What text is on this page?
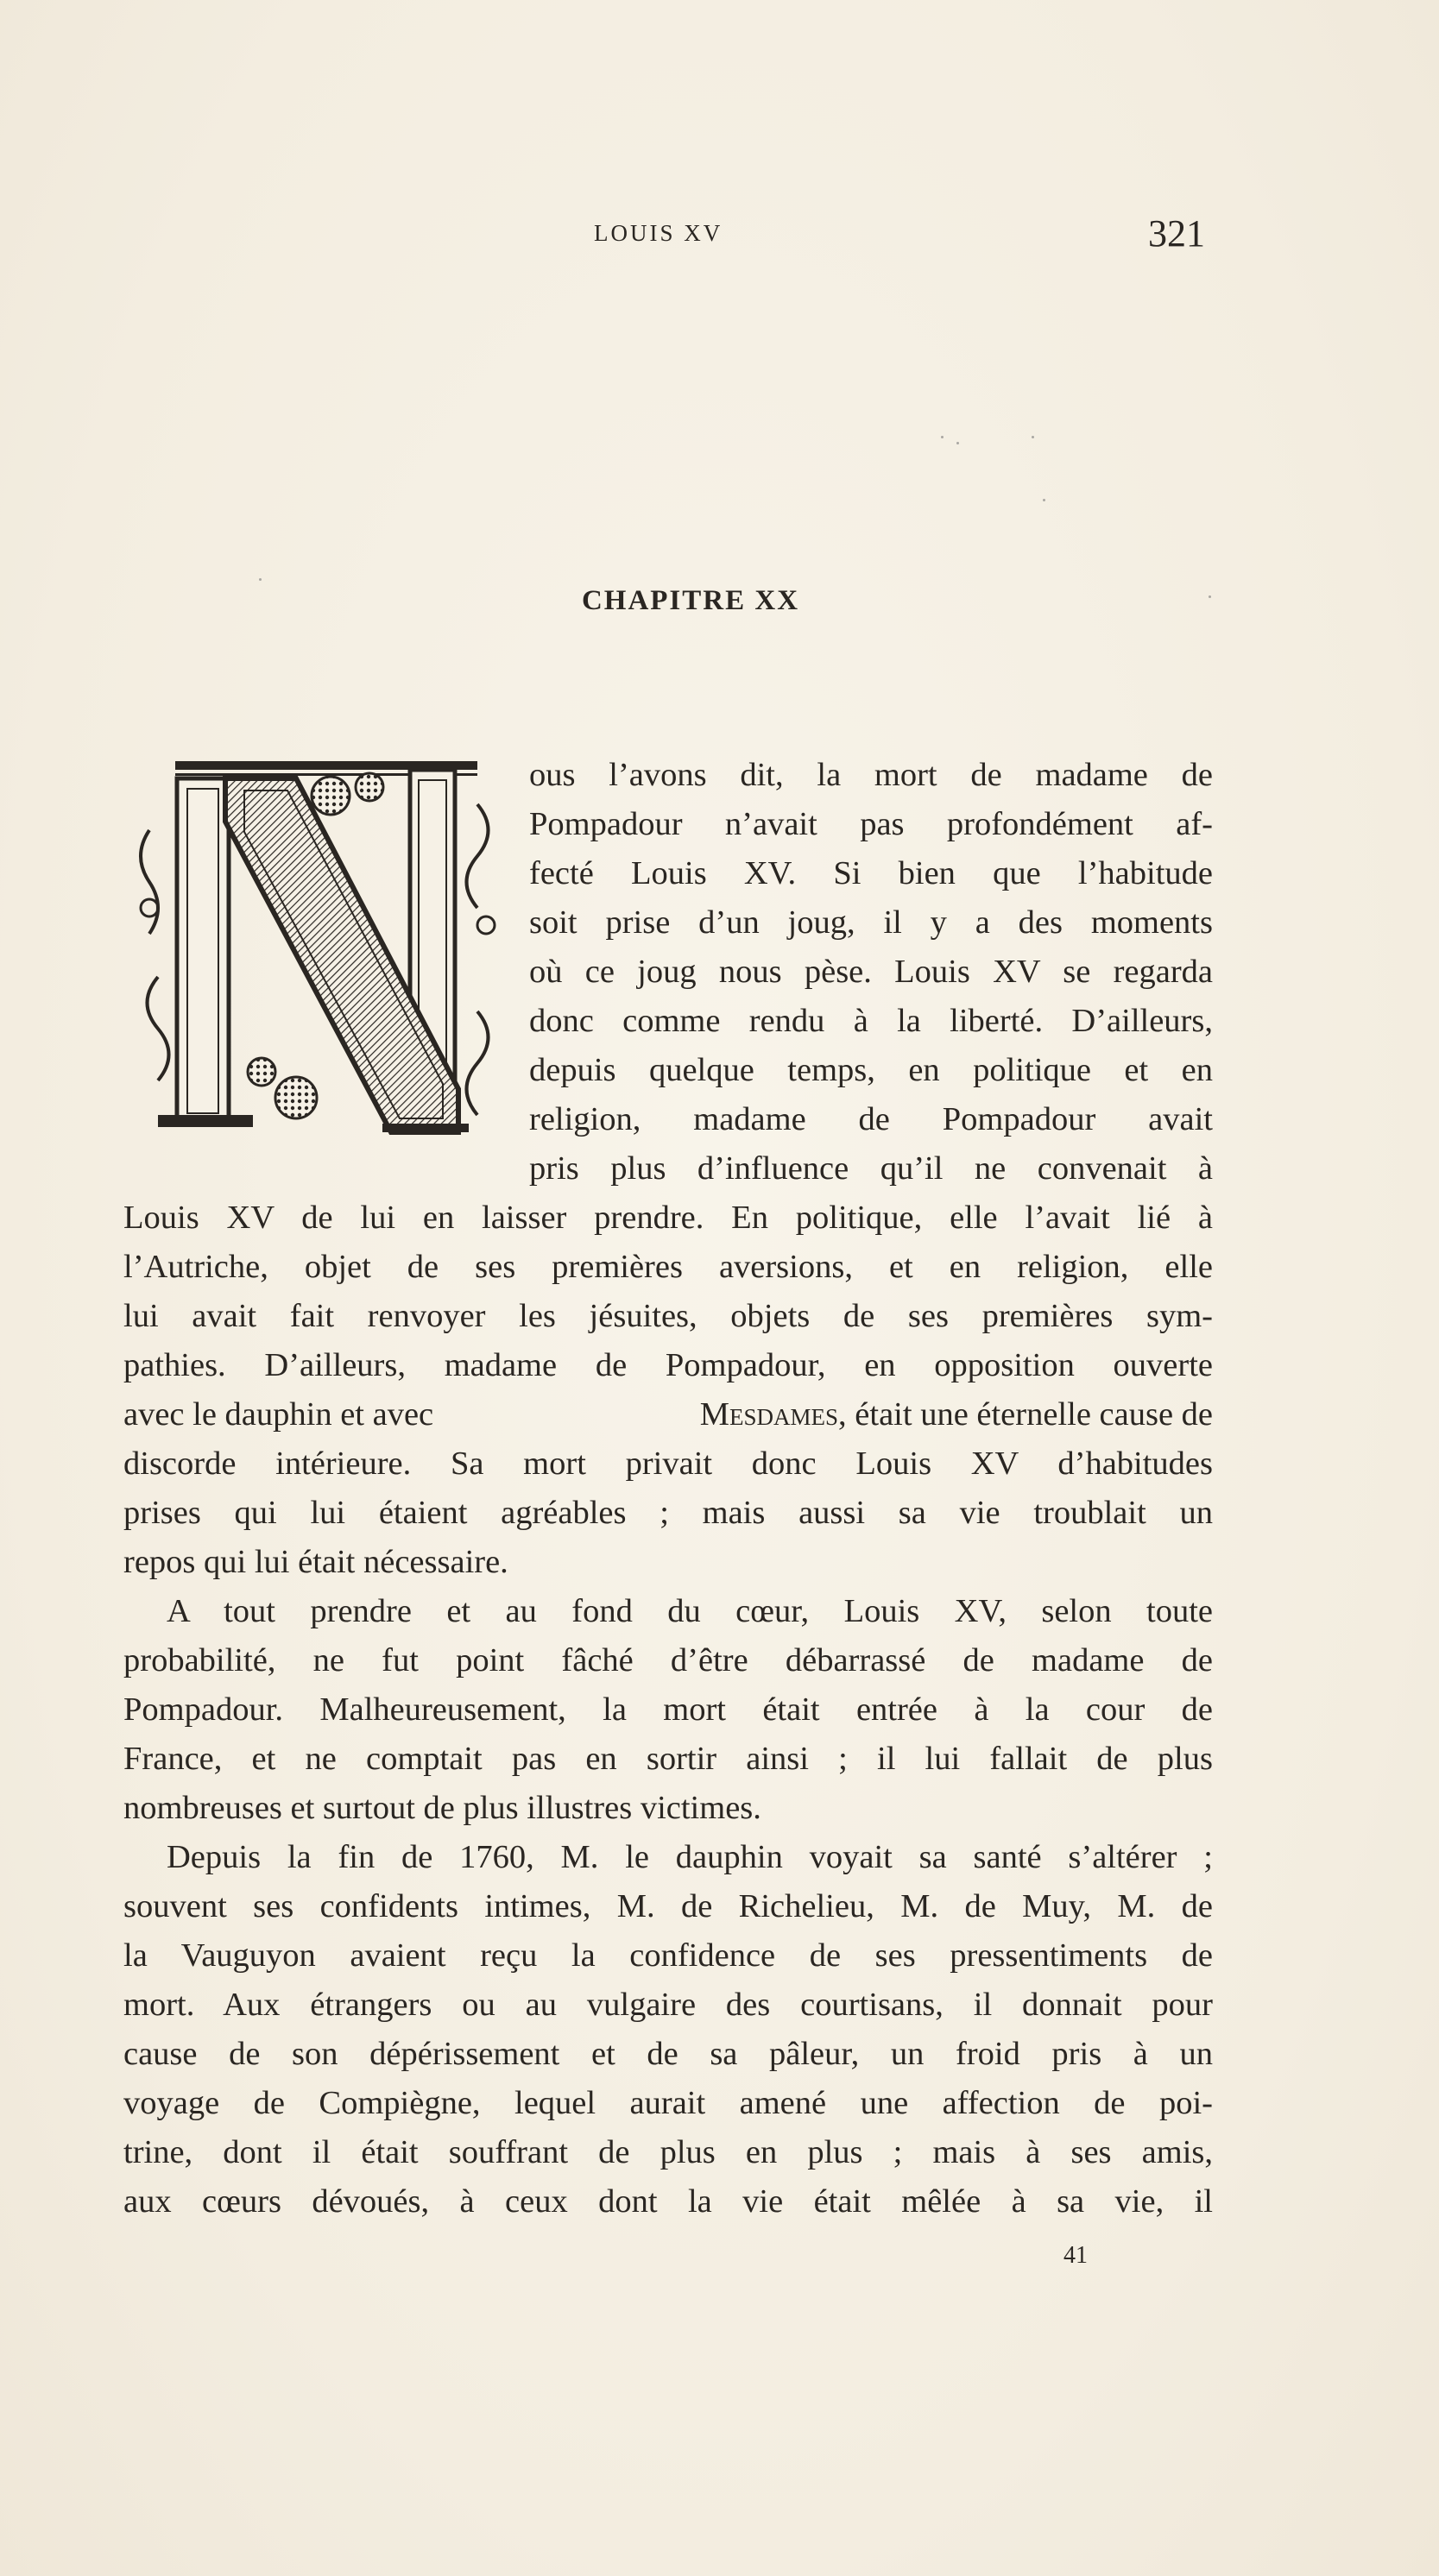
LOUIS XV	321
CHAPITRE XX
ous l’avons dit, la mort de madame de
Pompadour n’avait pas profondément af-
fecté Louis XV. Si bien que l’habitude
soit prise d’un joug, il y a des moments
où ce joug nous pèse. Louis XV se regarda
donc comme rendu à la liberté. D’ailleurs,
depuis quelque temps, en politique et en
religion, madame de Pompadour avait
pris plus d’influence qu’il ne convenait à
Louis XV de lui en laisser prendre. En politique, elle l’avait lié à
l’Autriche, objet de ses premières aversions, et en religion, elle
lui avait fait renvoyer les jésuites, objets de ses premières sym-
pathies. D’ailleurs, madame de Pompadour, en opposition ouverte
avec le dauphin et avec	Mesdames, était une éternelle cause de
discorde intérieure. Sa mort privait donc Louis XV d’habitudes
prises qui lui étaient agréables ; mais aussi sa vie troublait un
repos qui lui était nécessaire.
A tout prendre et au fond du cœur, Louis XV, selon toute
probabilité, ne fut point fâché d’être débarrassé de madame de
Pompadour. Malheureusement, la mort était entrée à la cour de
France, et ne comptait pas en sortir ainsi ; il lui fallait de plus
nombreuses et surtout de plus illustres victimes.
Depuis la fin de 1760, M. le dauphin voyait sa santé s’altérer ;
souvent ses confidents intimes, M. de Richelieu, M. de Muy, M. de
la Vauguyon avaient reçu la confidence de ses pressentiments de
mort. Aux étrangers ou au vulgaire des courtisans, il donnait pour
cause de son dépérissement et de sa pâleur, un froid pris à un
voyage de Compiègne, lequel aurait amené une affection de poi-
trine, dont il était souffrant de plus en plus ; mais à ses amis,
aux cœurs dévoués, à ceux dont la vie était mêlée à sa vie, il
41
